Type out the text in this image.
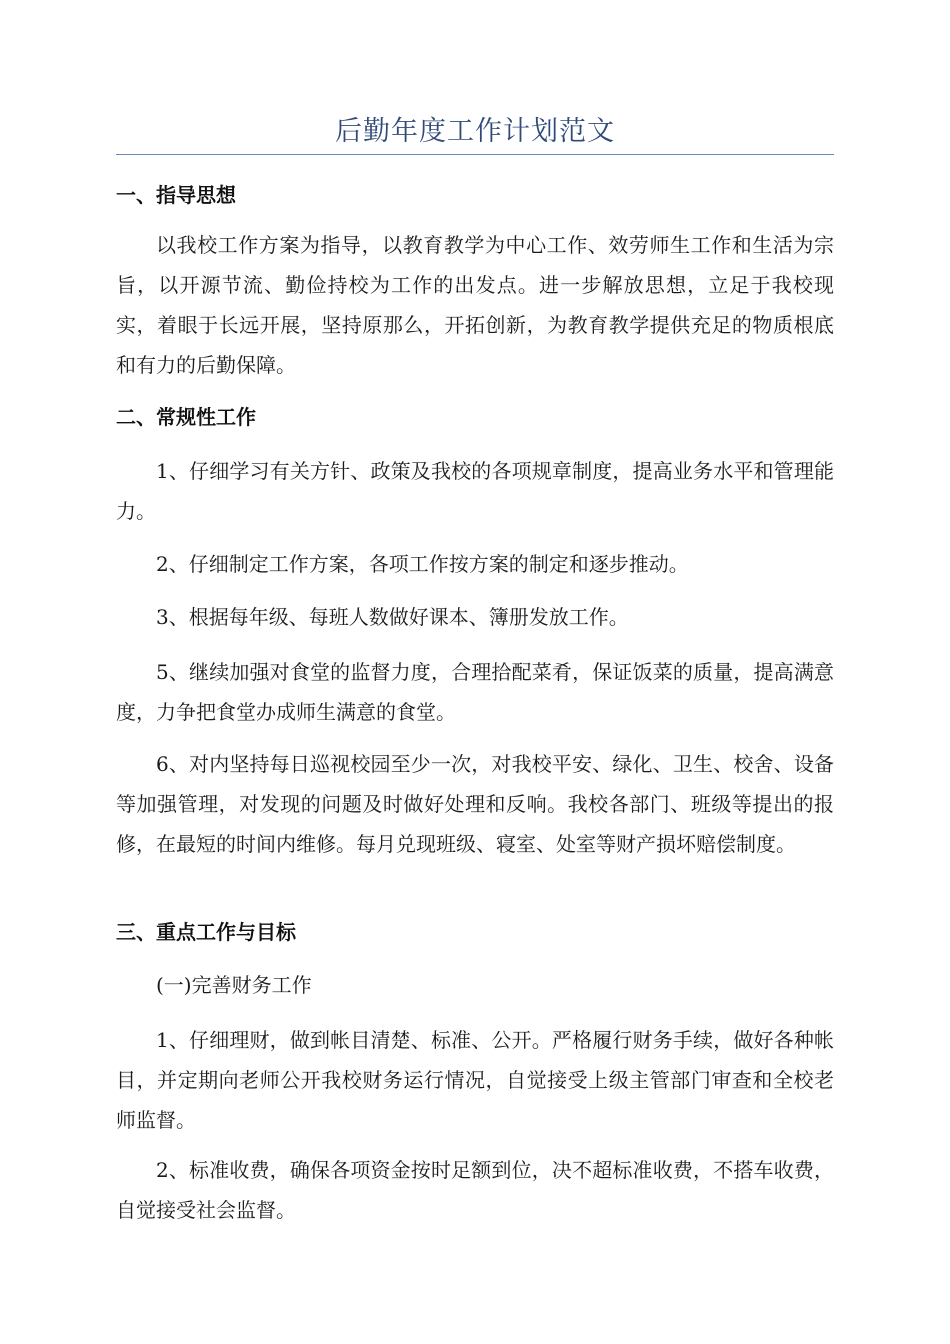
后勤年度工作计划范文
一、指导思想

以我校工作方案为指导，以教育教学为中心工作、效劳师生工作和生活为宗旨，以开源节流、勤俭持校为工作的出发点。进一步解放思想，立足于我校现实，着眼于长远开展，坚持原那么，开拓创新，为教育教学提供充足的物质根底和有力的后勤保障。

二、常规性工作

1、仔细学习有关方针、政策及我校的各项规章制度，提高业务水平和管理能力。

2、仔细制定工作方案，各项工作按方案的制定和逐步推动。

3、根据每年级、每班人数做好课本、簿册发放工作。

5、继续加强对食堂的监督力度，合理拾配菜肴，保证饭菜的质量，提高满意度，力争把食堂办成师生满意的食堂。

6、对内坚持每日巡视校园至少一次，对我校平安、绿化、卫生、校舍、设备等加强管理，对发现的问题及时做好处理和反响。我校各部门、班级等提出的报修，在最短的时间内维修。每月兑现班级、寝室、处室等财产损坏赔偿制度。

三、重点工作与目标

(一)完善财务工作

1、仔细理财，做到帐目清楚、标准、公开。严格履行财务手续，做好各种帐目，并定期向老师公开我校财务运行情况，自觉接受上级主管部门审查和全校老师监督。

2、标准收费，确保各项资金按时足额到位，决不超标准收费，不搭车收费，自觉接受社会监督。
